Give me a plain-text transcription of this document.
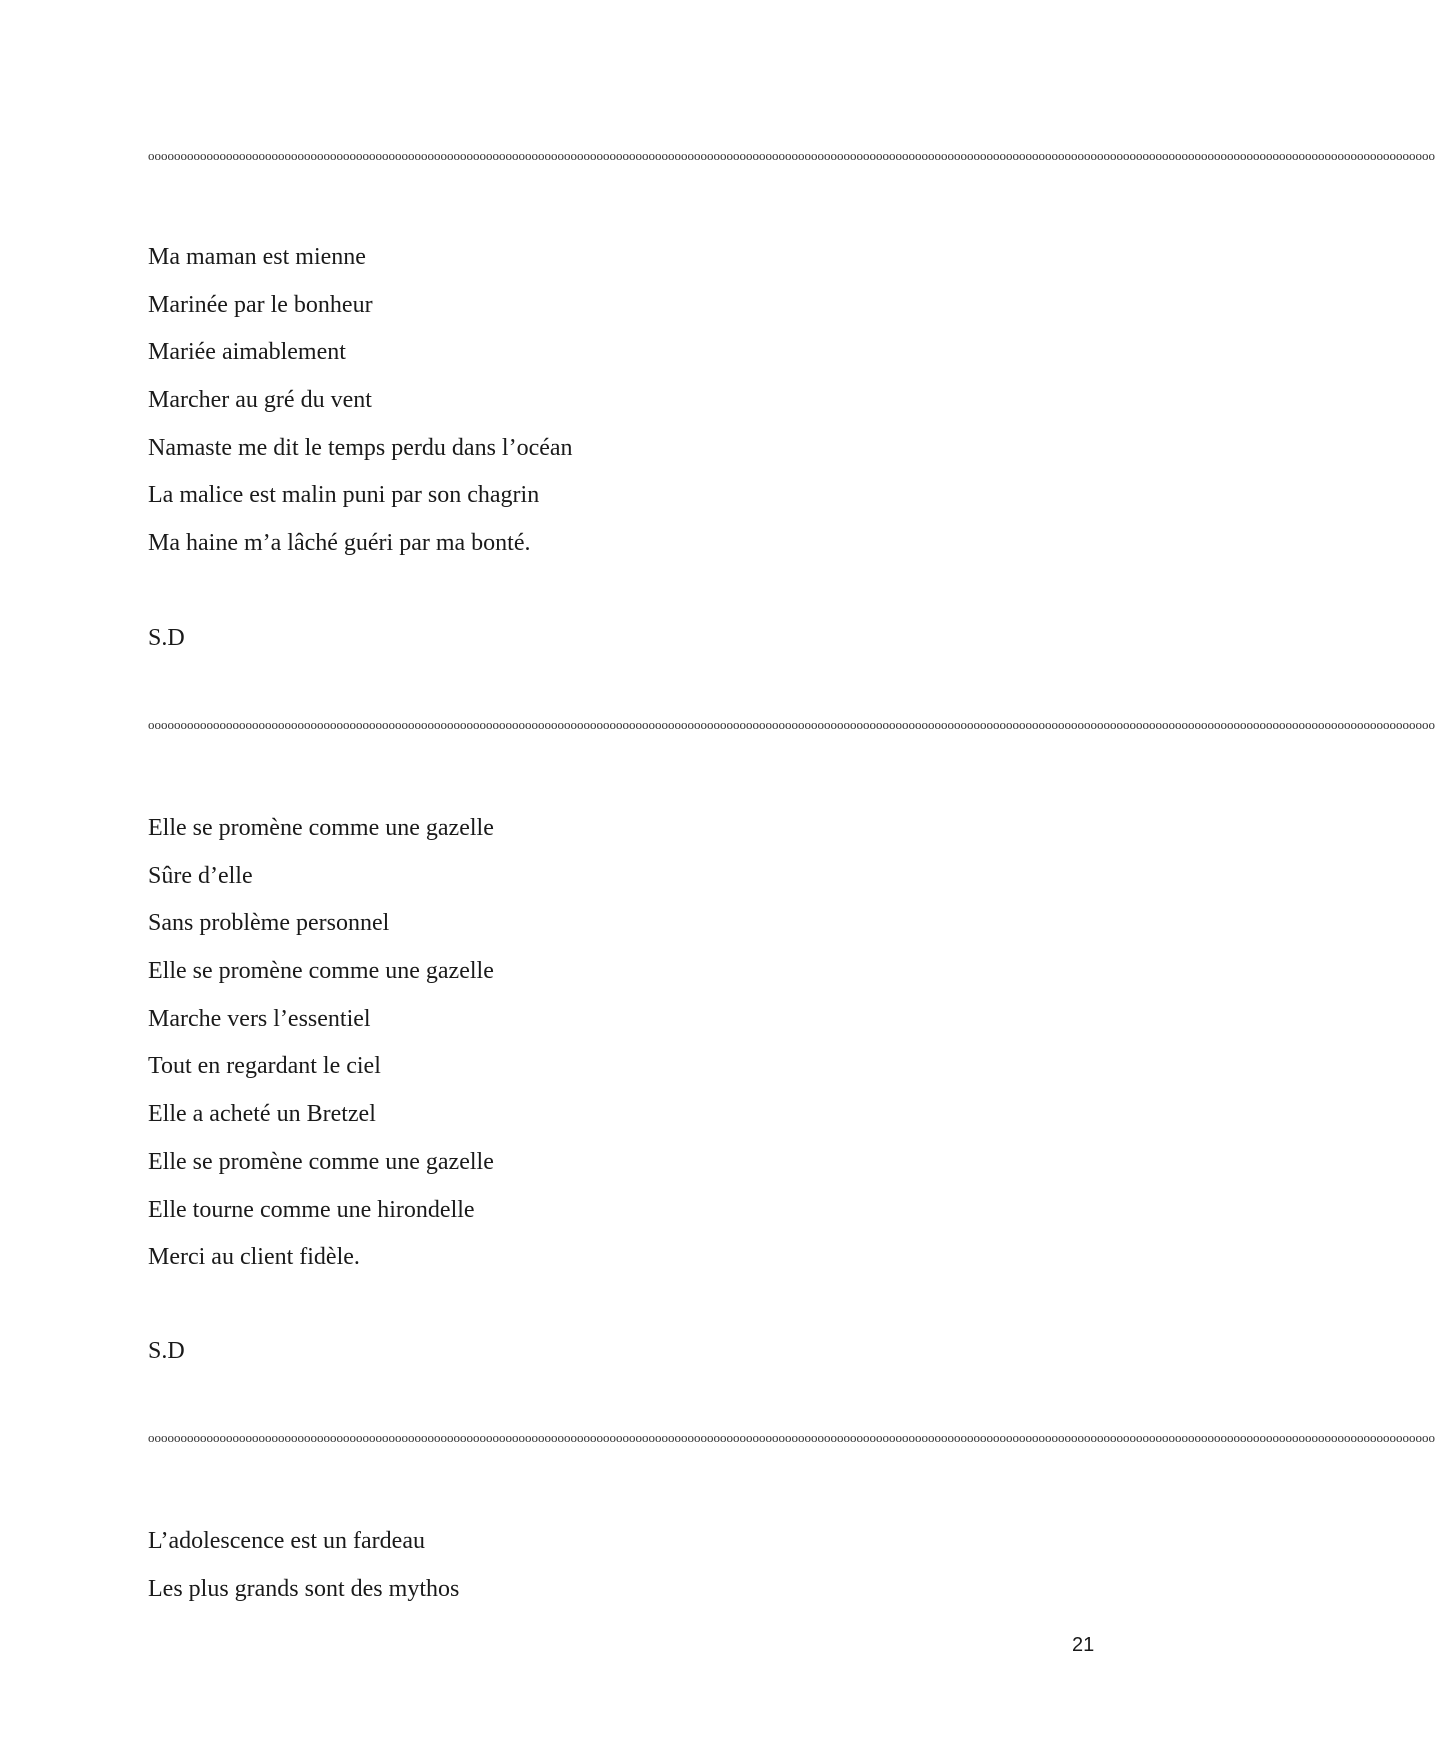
oooooooooooooooooooooooooooooooooooooooooooooooooooooooooooooooooooooooooooooooooooooooooooooooooooooooooooooooooooooooooooooooooooooooooooooooooooooooooooooooooooooooooooooooooooooooooooooooooooooo
Ma maman est mienne
Marinée par le bonheur
Mariée aimablement
Marcher au gré du vent
Namaste me dit le temps perdu dans l’océan
La malice est malin puni par son chagrin
Ma haine m’a lâché guéri par ma bonté.
S.D
oooooooooooooooooooooooooooooooooooooooooooooooooooooooooooooooooooooooooooooooooooooooooooooooooooooooooooooooooooooooooooooooooooooooooooooooooooooooooooooooooooooooooooooooooooooooooooooooooooooo
Elle se promène comme une gazelle
Sûre d’elle
Sans problème personnel
Elle se promène comme une gazelle
Marche vers l’essentiel
Tout en regardant le ciel
Elle a acheté un Bretzel
Elle se promène comme une gazelle
Elle tourne comme une hirondelle
Merci au client fidèle.
S.D
oooooooooooooooooooooooooooooooooooooooooooooooooooooooooooooooooooooooooooooooooooooooooooooooooooooooooooooooooooooooooooooooooooooooooooooooooooooooooooooooooooooooooooooooooooooooooooooooooooooo
L’adolescence est un fardeau
Les plus grands sont des mythos
21
